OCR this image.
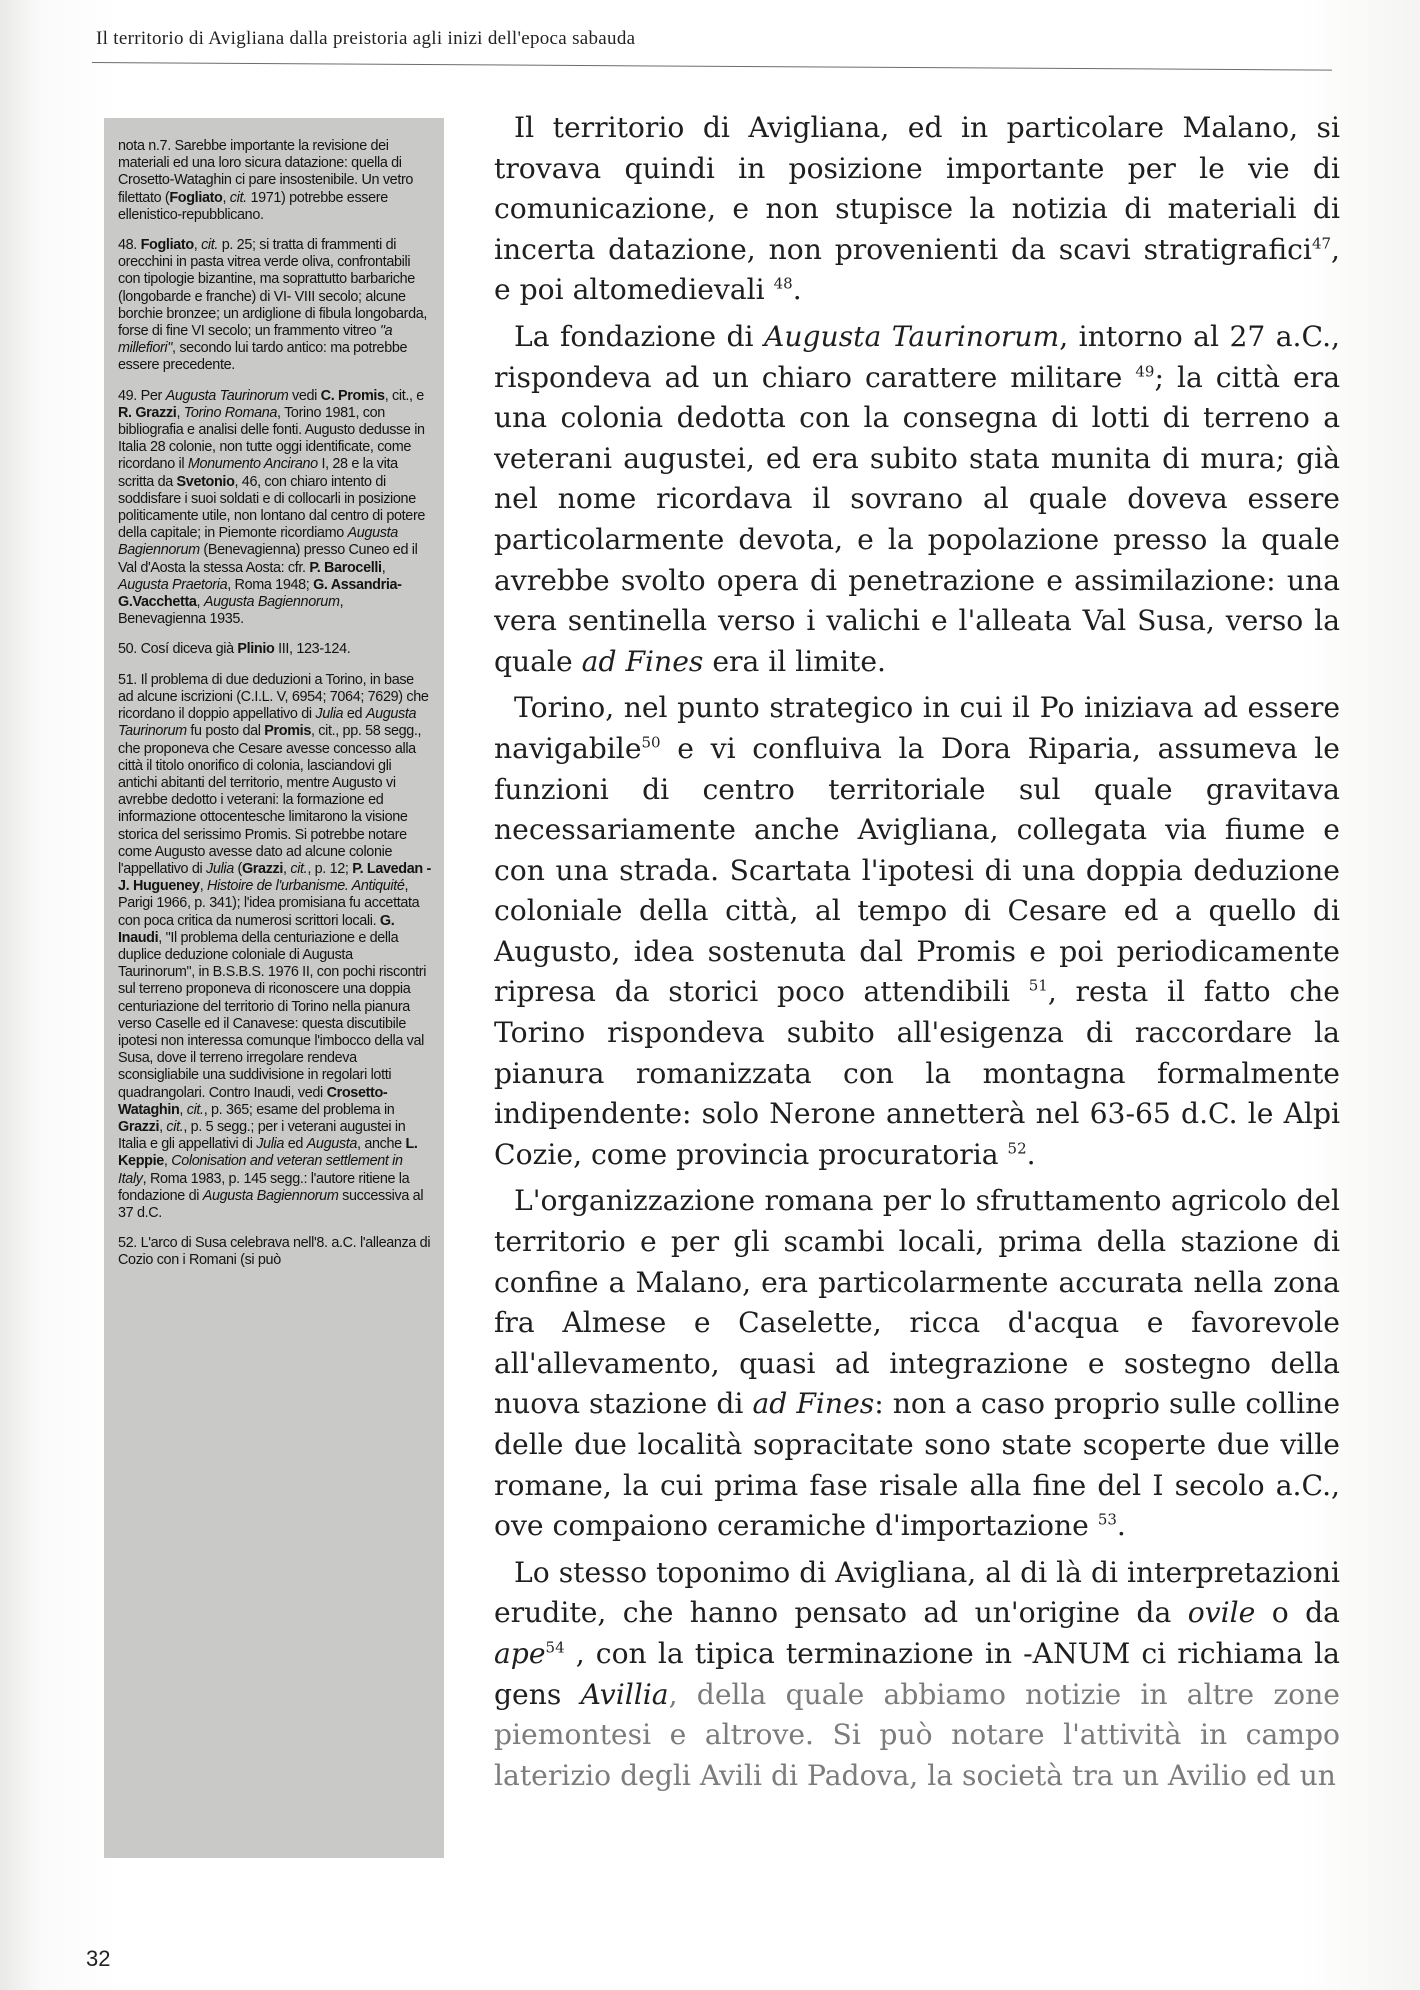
Il territorio di Avigliana dalla preistoria agli inizi dell'epoca sabauda

nota n.7. Sarebbe importante la revisione dei materiali ed una loro sicura datazione: quella di Crosetto-Wataghin ci pare insostenibile. Un vetro filettato (Fogliato, cit. 1971) potrebbe essere ellenistico-repubblicano.

48. Fogliato, cit. p. 25; si tratta di frammenti di orecchini in pasta vitrea verde oliva, confrontabili con tipologie bizantine, ma soprattutto barbariche (longobarde e franche) di VI- VIII secolo; alcune borchie bronzee; un ardiglione di fibula longobarda, forse di fine VI secolo; un frammento vitreo "a millefiori", secondo lui tardo antico: ma potrebbe essere precedente.

49. Per Augusta Taurinorum vedi C. Promis, cit., e R. Grazzi, Torino Romana, Torino 1981, con bibliografia e analisi delle fonti. Augusto dedusse in Italia 28 colonie, non tutte oggi identificate, come ricordano il Monumento Ancirano I, 28 e la vita scritta da Svetonio, 46, con chiaro intento di soddisfare i suoi soldati e di collocarli in posizione politicamente utile, non lontano dal centro di potere della capitale; in Piemonte ricordiamo Augusta Bagiennorum (Benevagienna) presso Cuneo ed il Val d'Aosta la stessa Aosta: cfr. P. Barocelli, Augusta Praetoria, Roma 1948; G. Assandria-G.Vacchetta, Augusta Bagiennorum, Benevagienna 1935.

50. Cosí diceva già Plinio III, 123-124.

51. Il problema di due deduzioni a Torino, in base ad alcune iscrizioni (C.I.L. V, 6954; 7064; 7629) che ricordano il doppio appellativo di Julia ed Augusta Taurinorum fu posto dal Promis, cit., pp. 58 segg., che proponeva che Cesare avesse concesso alla città il titolo onorifico di colonia, lasciandovi gli antichi abitanti del territorio, mentre Augusto vi avrebbe dedotto i veterani: la formazione ed informazione ottocentesche limitarono la visione storica del serissimo Promis. Si potrebbe notare come Augusto avesse dato ad alcune colonie l'appellativo di Julia (Grazzi, cit., p. 12; P. Lavedan - J. Hugueney, Histoire de l'urbanisme. Antiquité, Parigi 1966, p. 341); l'idea promisiana fu accettata con poca critica da numerosi scrittori locali. G. Inaudi, "Il problema della centuriazione e della duplice deduzione coloniale di Augusta Taurinorum", in B.S.B.S. 1976 II, con pochi riscontri sul terreno proponeva di riconoscere una doppia centuriazione del territorio di Torino nella pianura verso Caselle ed il Canavese: questa discutibile ipotesi non interessa comunque l'imbocco della val Susa, dove il terreno irregolare rendeva sconsigliabile una suddivisione in regolari lotti quadrangolari. Contro Inaudi, vedi Crosetto-Wataghin, cit., p. 365; esame del problema in Grazzi, cit., p. 5 segg.; per i veterani augustei in Italia e gli appellativi di Julia ed Augusta, anche L. Keppie, Colonisation and veteran settlement in Italy, Roma 1983, p. 145 segg.: l'autore ritiene la fondazione di Augusta Bagiennorum successiva al 37 d.C.

52. L'arco di Susa celebrava nell'8. a.C. l'alleanza di Cozio con i Romani (si può

Il territorio di Avigliana, ed in particolare Malano, si trovava quindi in posizione importante per le vie di comunicazione, e non stupisce la notizia di materiali di incerta datazione, non provenienti da scavi stratigrafici$^{47}$, e poi altomedievali $^{48}$.

La fondazione di Augusta Taurinorum, intorno al 27 a.C., rispondeva ad un chiaro carattere militare $^{49}$; la città era una colonia dedotta con la consegna di lotti di terreno a veterani augustei, ed era subito stata munita di mura; già nel nome ricordava il sovrano al quale doveva essere particolarmente devota, e la popolazione presso la quale avrebbe svolto opera di penetrazione e assimilazione: una vera sentinella verso i valichi e l'alleata Val Susa, verso la quale ad Fines era il limite.

Torino, nel punto strategico in cui il Po iniziava ad essere navigabile$^{50}$ e vi confluiva la Dora Riparia, assumeva le funzioni di centro territoriale sul quale gravitava necessariamente anche Avigliana, collegata via fiume e con una strada. Scartata l'ipotesi di una doppia deduzione coloniale della città, al tempo di Cesare ed a quello di Augusto, idea sostenuta dal Promis e poi periodicamente ripresa da storici poco attendibili $^{51}$, resta il fatto che Torino rispondeva subito all'esigenza di raccordare la pianura romanizzata con la montagna formalmente indipendente: solo Nerone annetterà nel 63-65 d.C. le Alpi Cozie, come provincia procuratoria $^{52}$.

L'organizzazione romana per lo sfruttamento agricolo del territorio e per gli scambi locali, prima della stazione di confine a Malano, era particolarmente accurata nella zona fra Almese e Caselette, ricca d'acqua e favorevole all'allevamento, quasi ad integrazione e sostegno della nuova stazione di ad Fines: non a caso proprio sulle colline delle due località sopracitate sono state scoperte due ville romane, la cui prima fase risale alla fine del I secolo a.C., ove compaiono ceramiche d'importazione $^{53}$.

Lo stesso toponimo di Avigliana, al di là di interpretazioni erudite, che hanno pensato ad un'origine da ovile o da ape$^{54}$ , con la tipica terminazione in -ANUM ci richiama la gens Avillia, della quale abbiamo notizie in altre zone piemontesi e altrove. Si può notare l'attività in campo laterizio degli Avili di Padova, la società tra un Avilio ed un

32
